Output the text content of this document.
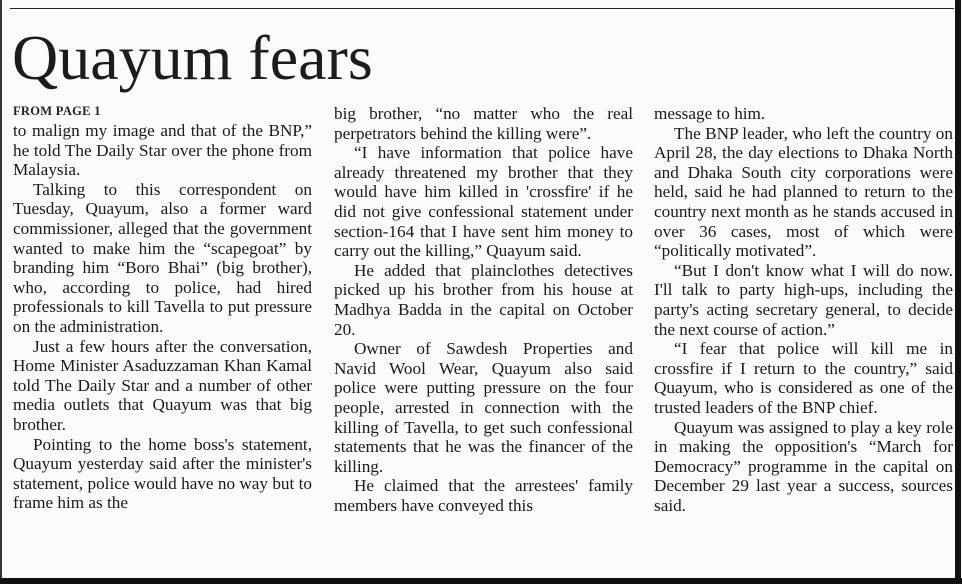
Quayum fears
FROM PAGE 1

to malign my image and that of the BNP,” he told The Daily Star over the phone from Malaysia.

Talking to this correspondent on Tuesday, Quayum, also a former ward commissioner, alleged that the government wanted to make him the “scapegoat” by branding him “Boro Bhai” (big brother), who, according to police, had hired professionals to kill Tavella to put pressure on the administration.

Just a few hours after the conversation, Home Minister Asaduzzaman Khan Kamal told The Daily Star and a number of other media outlets that Quayum was that big brother.

Pointing to the home boss's statement, Quayum yesterday said after the minister's statement, police would have no way but to frame him as the

big brother, “no matter who the real perpetrators behind the killing were”.

“I have information that police have already threatened my brother that they would have him killed in 'crossfire' if he did not give confessional statement under section-164 that I have sent him money to carry out the killing,” Quayum said.

He added that plainclothes detectives picked up his brother from his house at Madhya Badda in the capital on October 20.

Owner of Sawdesh Properties and Navid Wool Wear, Quayum also said police were putting pressure on the four people, arrested in connection with the killing of Tavella, to get such confessional statements that he was the financer of the killing.

He claimed that the arrestees' family members have conveyed this

message to him.

The BNP leader, who left the country on April 28, the day elections to Dhaka North and Dhaka South city corporations were held, said he had planned to return to the country next month as he stands accused in over 36 cases, most of which were “politically motivated”.

“But I don't know what I will do now. I'll talk to party high-ups, including the party's acting secretary general, to decide the next course of action.”

“I fear that police will kill me in crossfire if I return to the country,” said Quayum, who is considered as one of the trusted leaders of the BNP chief.

Quayum was assigned to play a key role in making the opposition's “March for Democracy” programme in the capital on December 29 last year a success, sources said.
